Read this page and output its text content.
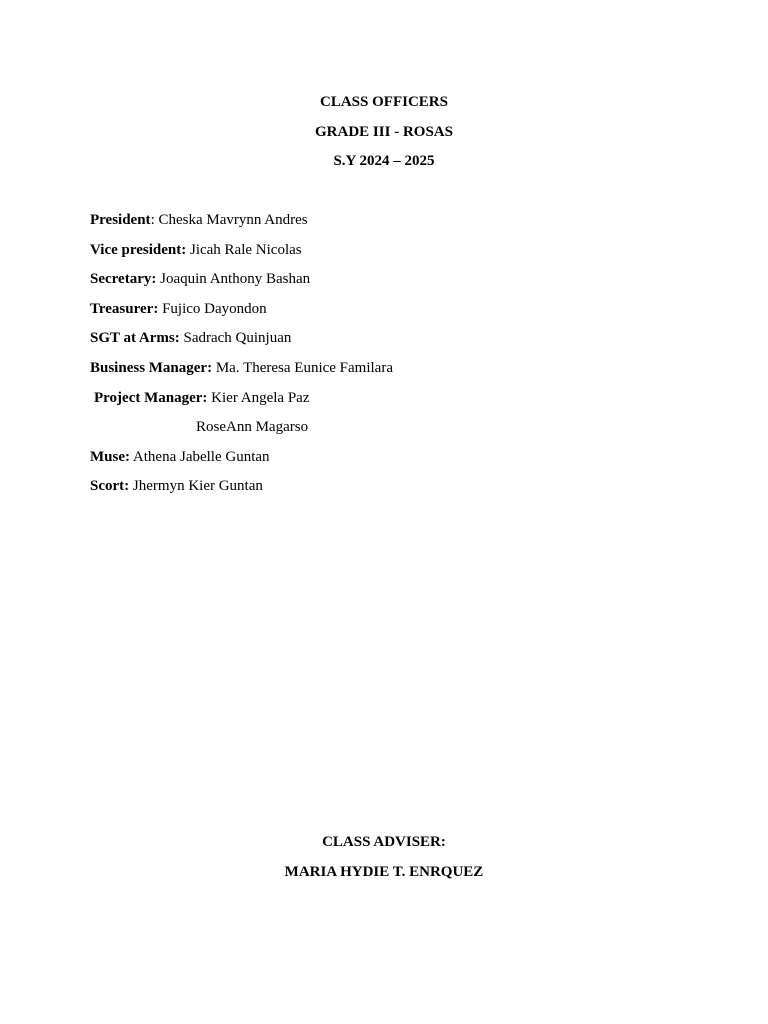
CLASS OFFICERS
GRADE III - ROSAS
S.Y 2024 – 2025
President: Cheska Mavrynn Andres
Vice president: Jicah Rale Nicolas
Secretary: Joaquin Anthony Bashan
Treasurer: Fujico Dayondon
SGT at Arms: Sadrach Quinjuan
Business Manager: Ma. Theresa Eunice Familara
Project Manager: Kier Angela Paz
RoseAnn Magarso
Muse: Athena Jabelle Guntan
Scort: Jhermyn Kier Guntan
CLASS ADVISER:
MARIA HYDIE T. ENRQUEZ
